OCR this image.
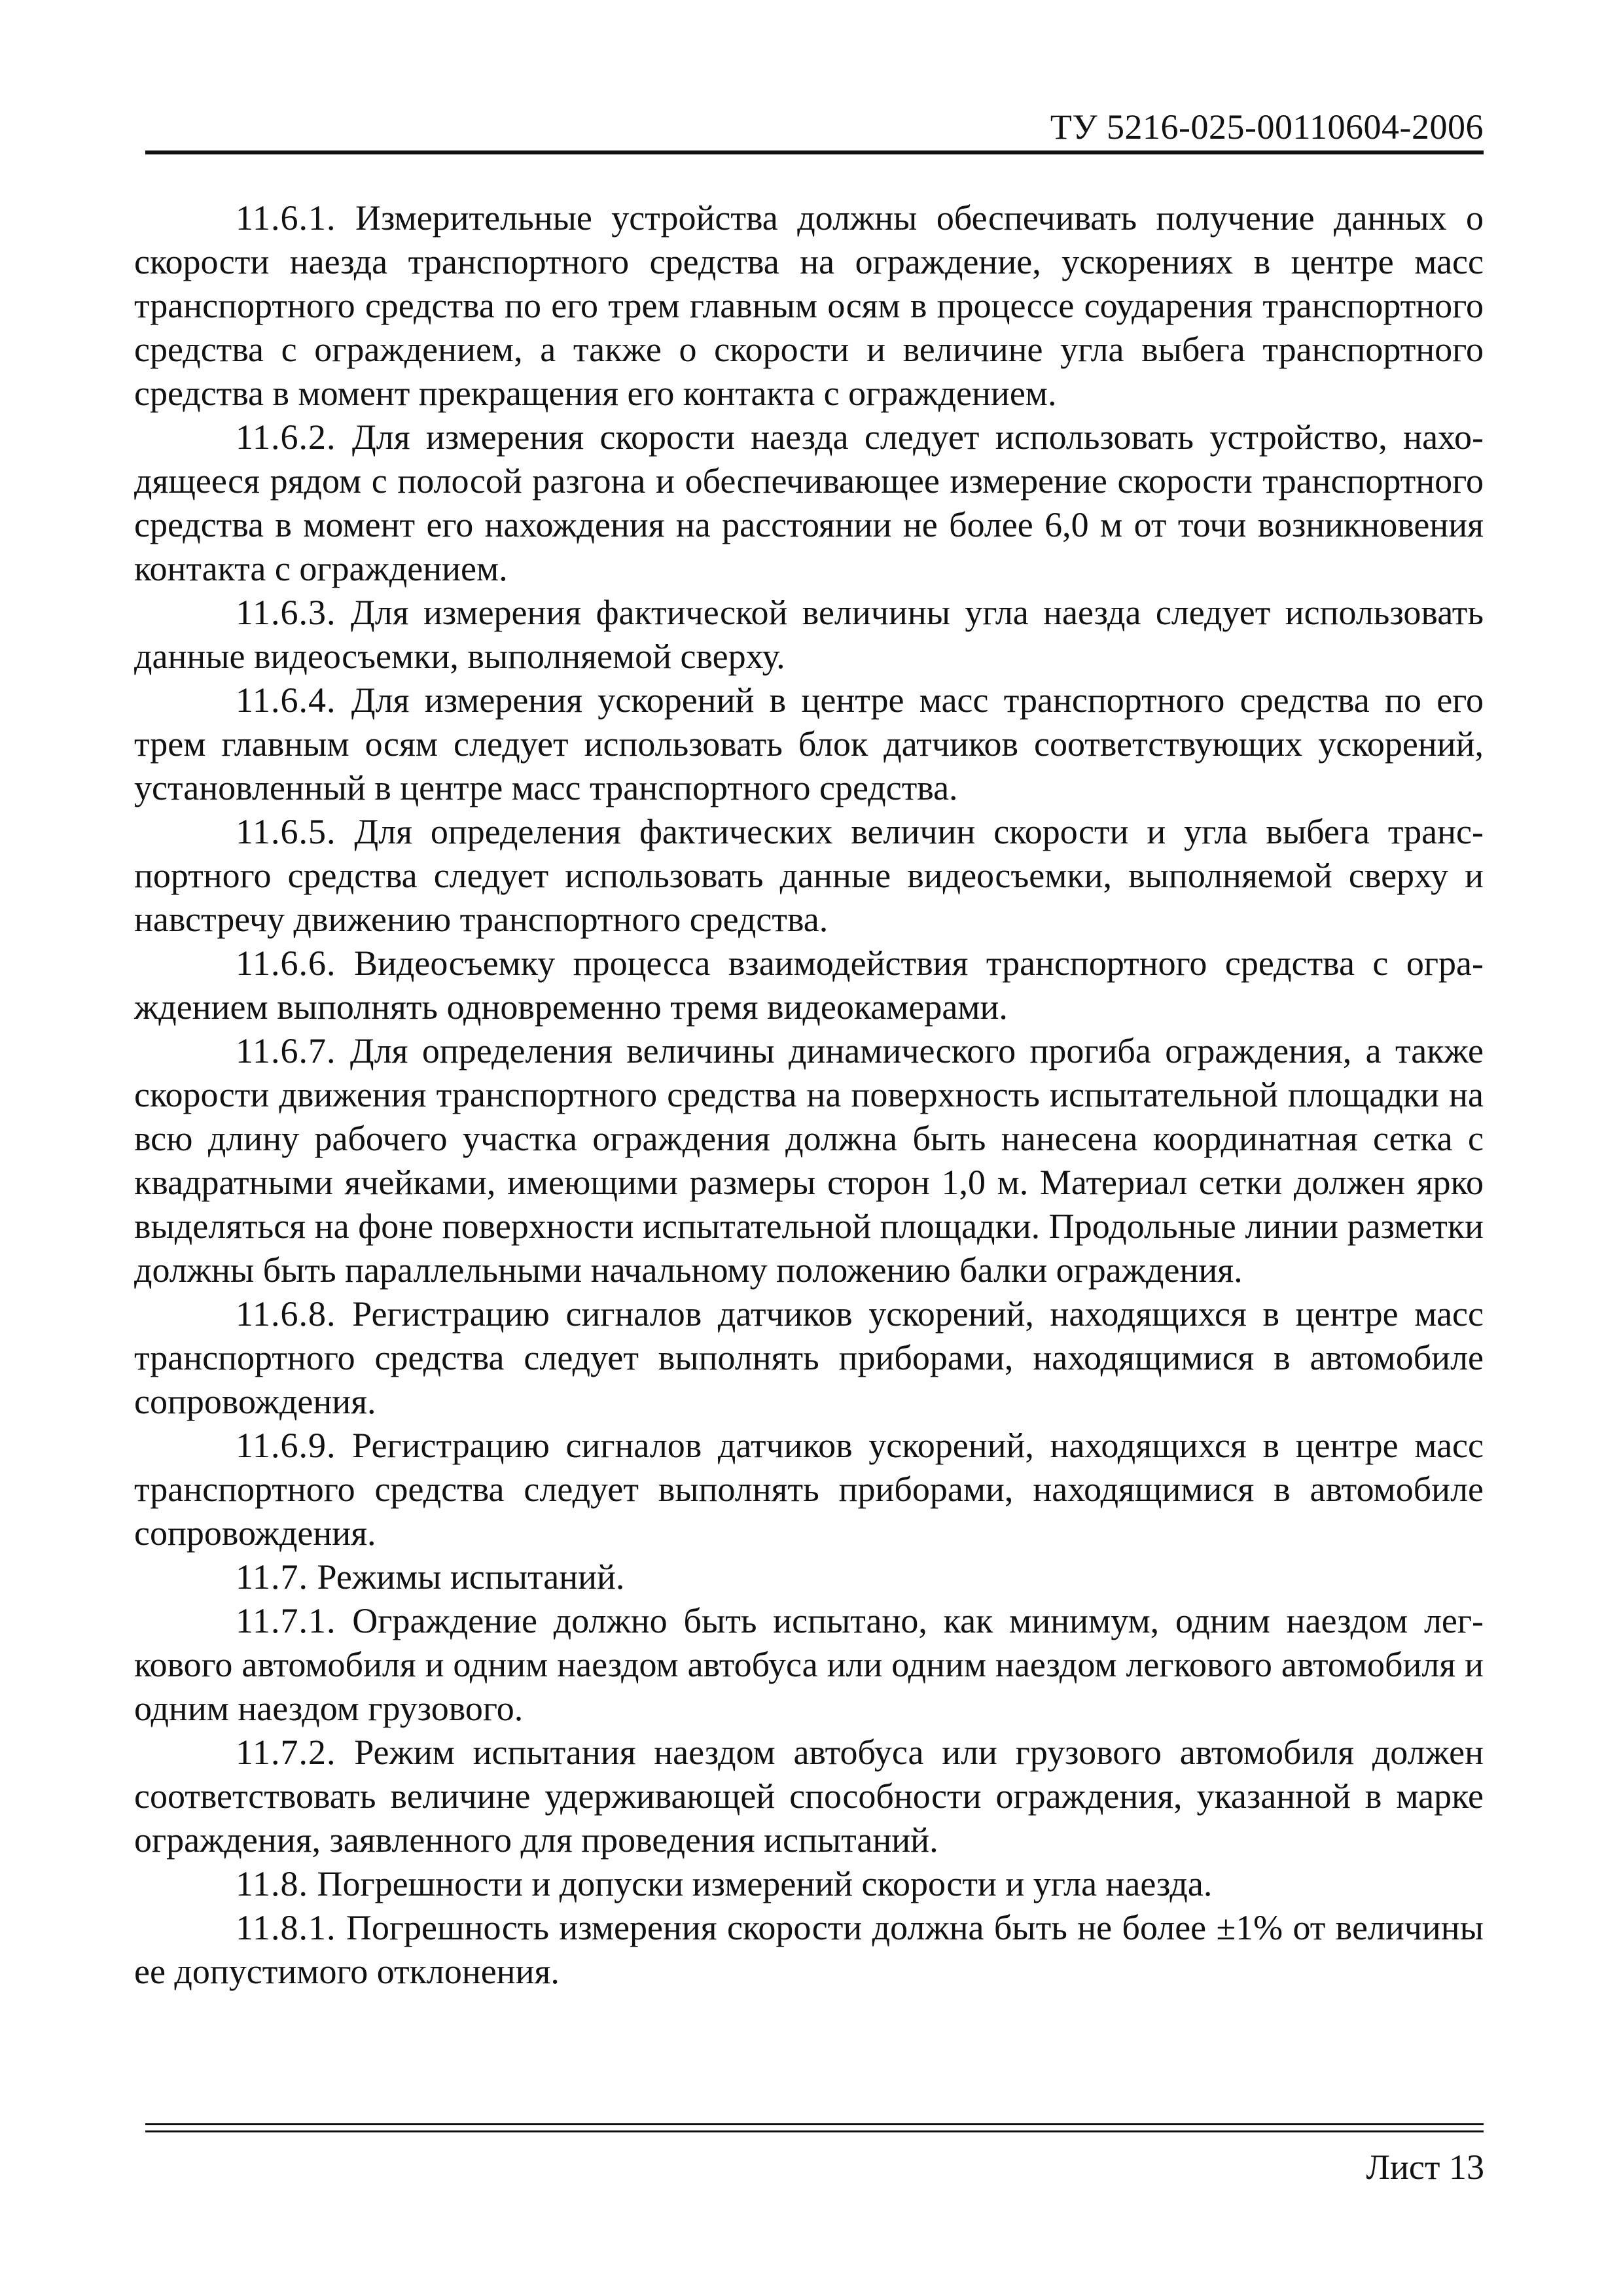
ТУ 5216-025-00110604-2006

11.6.1. Измерительные устройства должны обеспечивать получение данных о скорости наезда транспортного средства на ограждение, ускорениях в центре масс транспортного средства по его трем главным осям в процессе соударения транспортного средства с ограждением, а также о скорости и величине угла выбега транспортного средства в момент прекращения его контакта с ограждением.

11.6.2. Для измерения скорости наезда следует использовать устройство, находящееся рядом с полосой разгона и обеспечивающее измерение скорости транспортного средства в момент его нахождения на расстоянии не более 6,0 м от точи возникновения контакта с ограждением.

11.6.3. Для измерения фактической величины угла наезда следует использовать данные видеосъемки, выполняемой сверху.

11.6.4. Для измерения ускорений в центре масс транспортного средства по его трем главным осям следует использовать блок датчиков соответствующих ускорений, установленный в центре масс транспортного средства.

11.6.5. Для определения фактических величин скорости и угла выбега транспортного средства следует использовать данные видеосъемки, выполняемой сверху и навстречу движению транспортного средства.

11.6.6. Видеосъемку процесса взаимодействия транспортного средства с ограждением выполнять одновременно тремя видеокамерами.

11.6.7. Для определения величины динамического прогиба ограждения, а также скорости движения транспортного средства на поверхность испытательной площадки на всю длину рабочего участка ограждения должна быть нанесена координатная сетка с квадратными ячейками, имеющими размеры сторон 1,0 м. Материал сетки должен ярко выделяться на фоне поверхности испытательной площадки. Продольные линии разметки должны быть параллельными начальному положению балки ограждения.

11.6.8. Регистрацию сигналов датчиков ускорений, находящихся в центре масс транспортного средства следует выполнять приборами, находящимися в автомобиле сопровождения.

11.6.9. Регистрацию сигналов датчиков ускорений, находящихся в центре масс транспортного средства следует выполнять приборами, находящимися в автомобиле сопровождения.

11.7. Режимы испытаний.

11.7.1. Ограждение должно быть испытано, как минимум, одним наездом легкового автомобиля и одним наездом автобуса или одним наездом легкового автомобиля и одним наездом грузового.

11.7.2. Режим испытания наездом автобуса или грузового автомобиля должен соответствовать величине удерживающей способности ограждения, указанной в марке ограждения, заявленного для проведения испытаний.

11.8. Погрешности и допуски измерений скорости и угла наезда.

11.8.1. Погрешность измерения скорости должна быть не более ±1% от величины ее допустимого отклонения.

Лист 13
